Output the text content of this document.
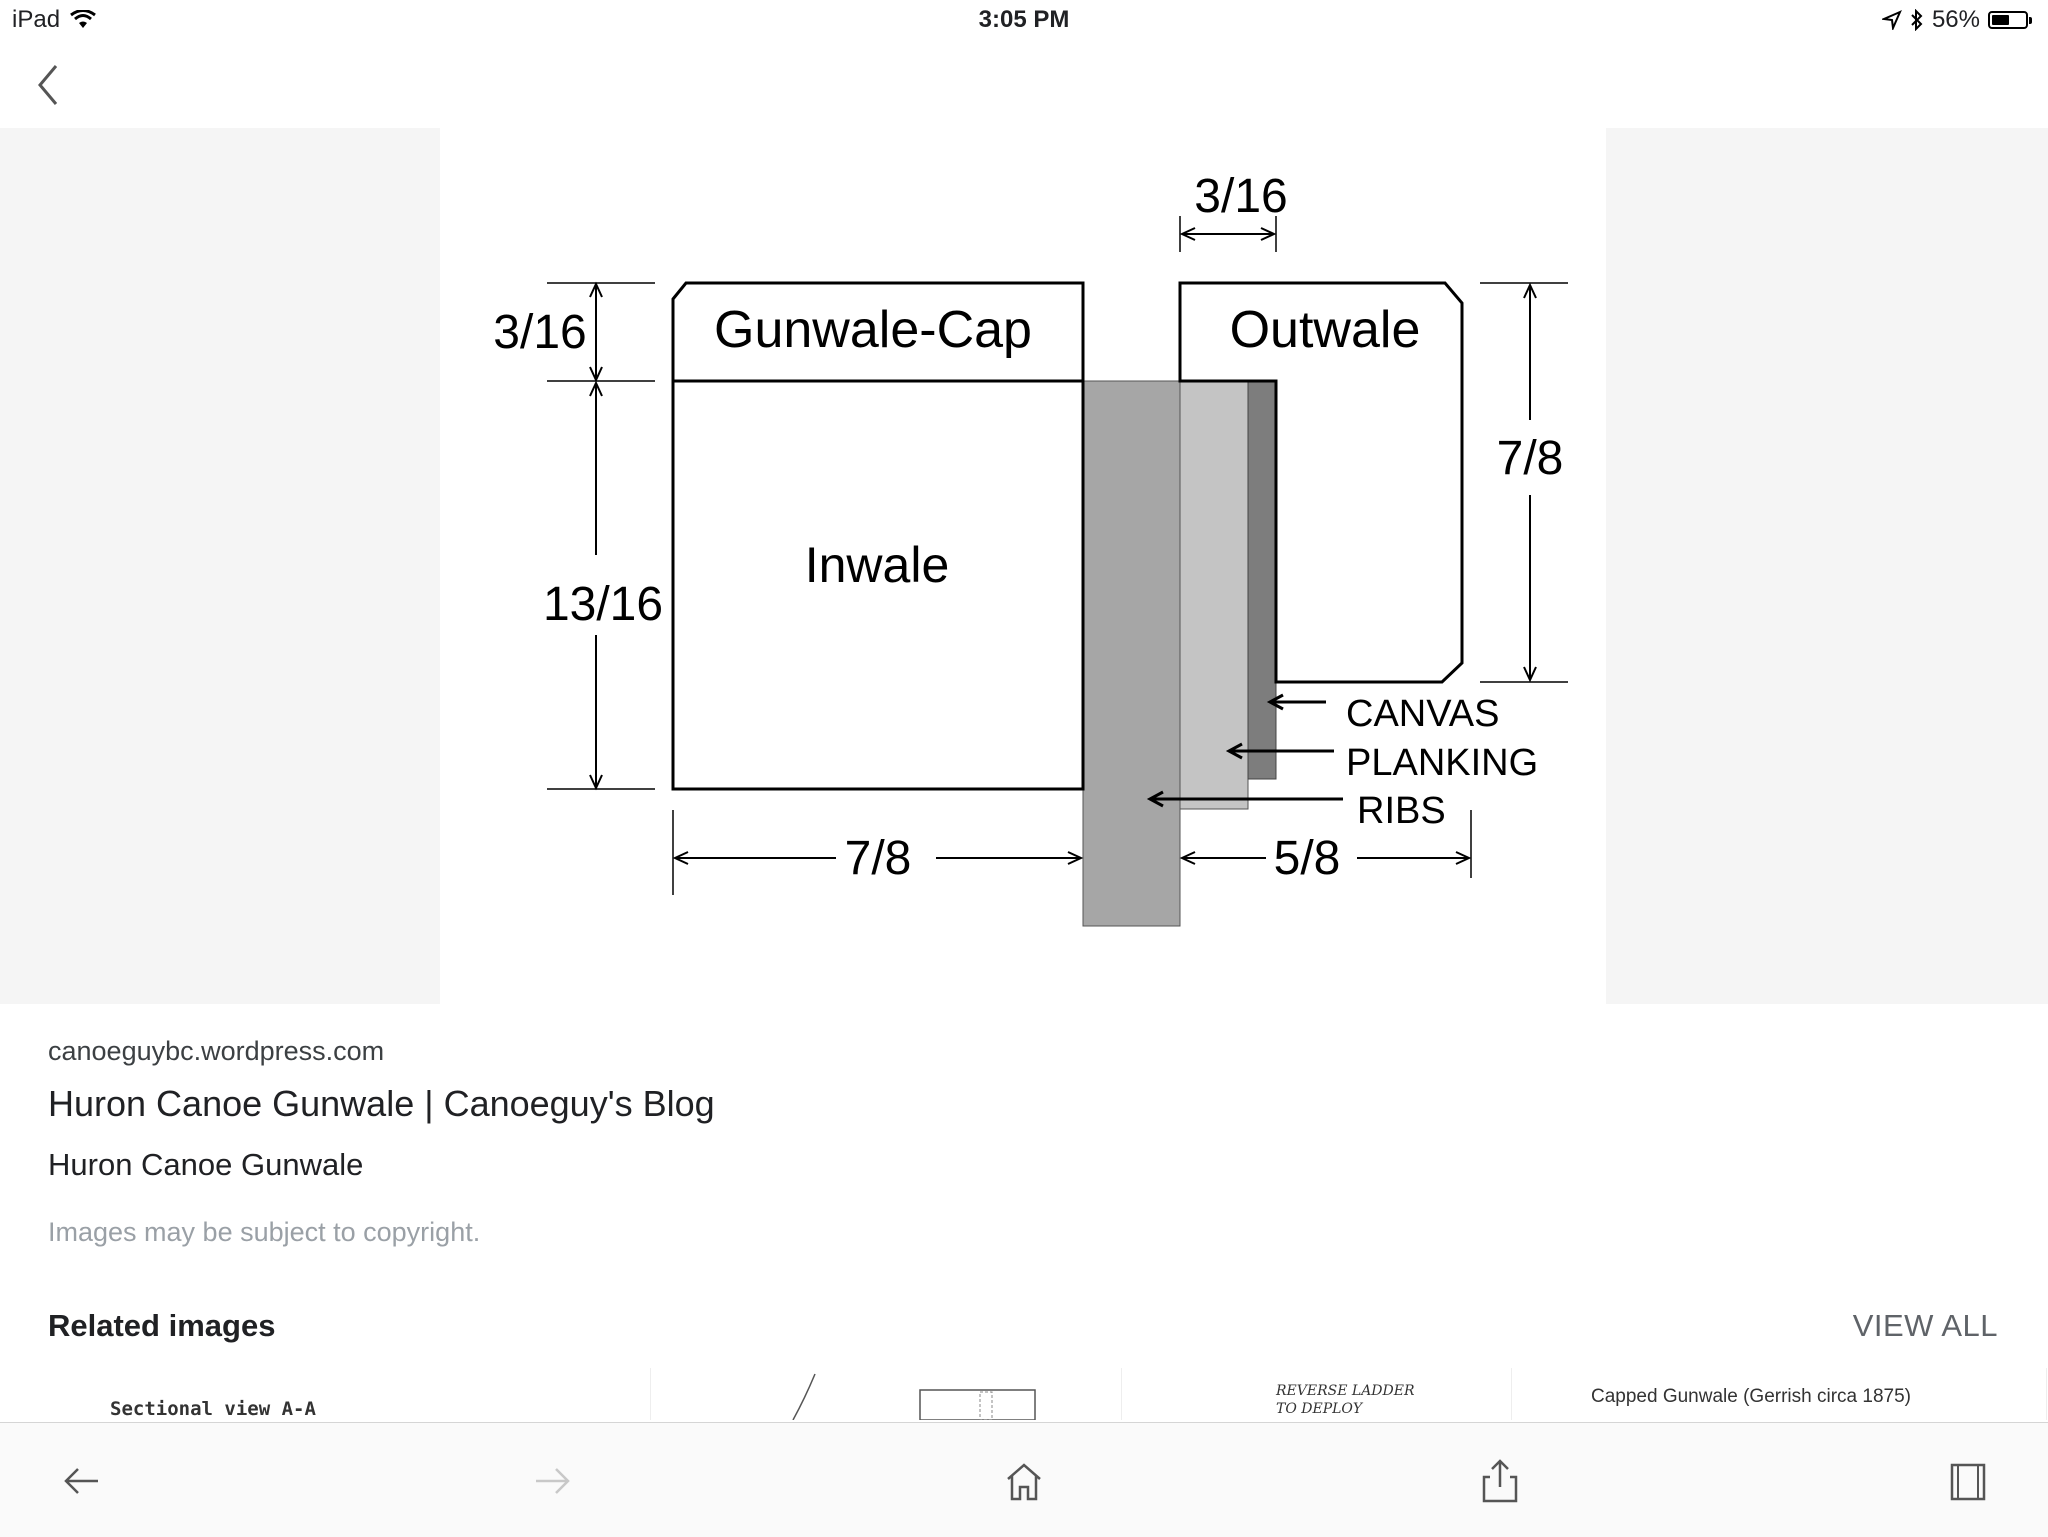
iPad	3:05 PM	56%
Gunwale-Cap	Outwale
Inwale
3/16
13/16
7/8	5/8
3/16
7/8
CANVAS
PLANKING
RIBS
canoeguybc.wordpress.com
Huron Canoe Gunwale | Canoeguy's Blog
Huron Canoe Gunwale
Images may be subject to copyright.
Related images	VIEW ALL
Sectional view A-A
REVERSE LADDER TO DEPLOY
Capped Gunwale (Gerrish circa 1875)
